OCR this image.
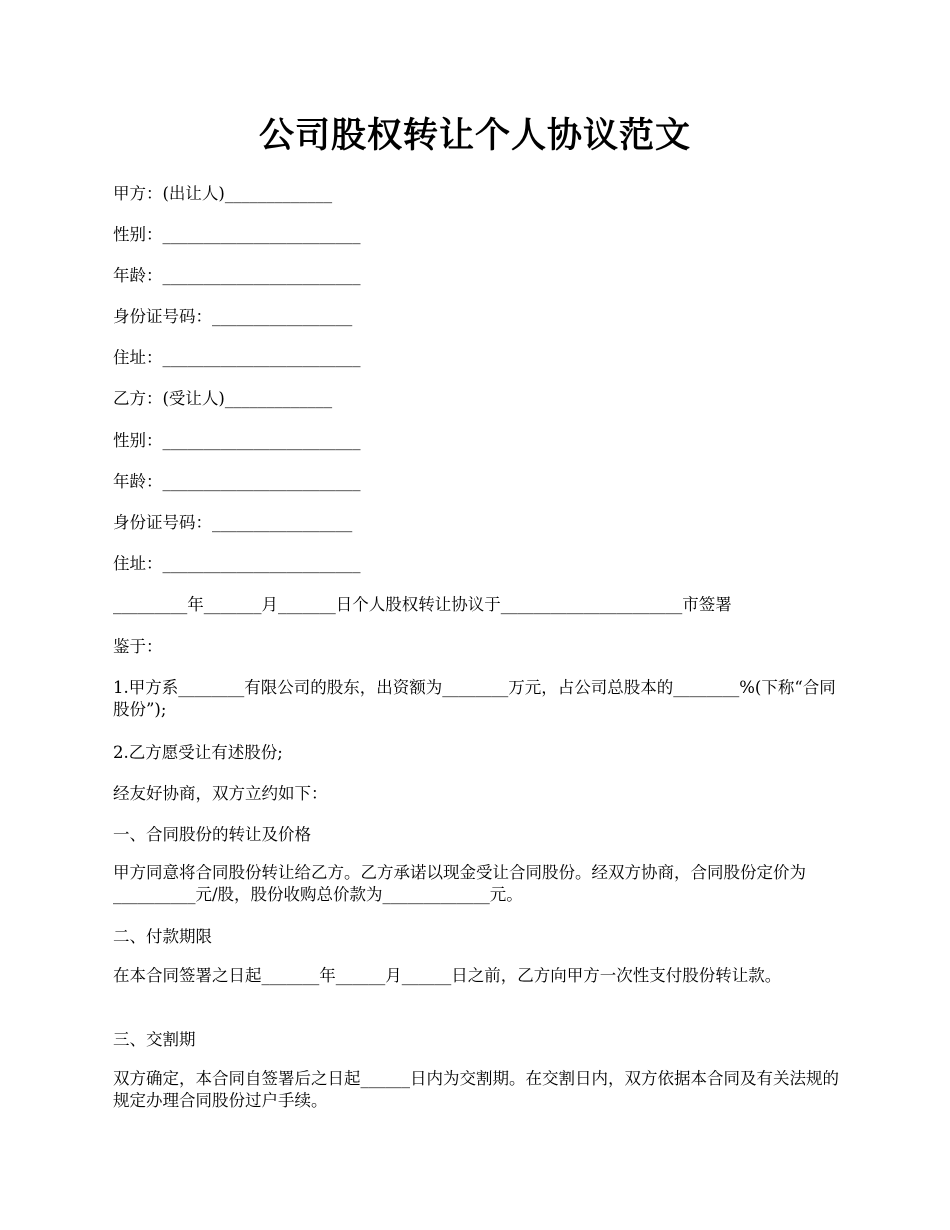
公司股权转让个人协议范文
甲方：(出让人)_____________
性别：________________________
年龄：________________________
身份证号码：_________________
住址：________________________
乙方：(受让人)_____________
性别：________________________
年龄：________________________
身份证号码：_________________
住址：________________________
_________年_______月_______日个人股权转让协议于______________________市签署
鉴于：
1.甲方系________有限公司的股东，出资额为________万元，占公司总股本的________%(下称“合同股份”);
2.乙方愿受让有述股份;
经友好协商，双方立约如下：
一、合同股份的转让及价格
甲方同意将合同股份转让给乙方。乙方承诺以现金受让合同股份。经双方协商，合同股份定价为__________元/股，股份收购总价款为_____________元。
二、付款期限
在本合同签署之日起_______年______月______日之前，乙方向甲方一次性支付股份转让款。
三、交割期
双方确定，本合同自签署后之日起______日内为交割期。在交割日内，双方依据本合同及有关法规的规定办理合同股份过户手续。
